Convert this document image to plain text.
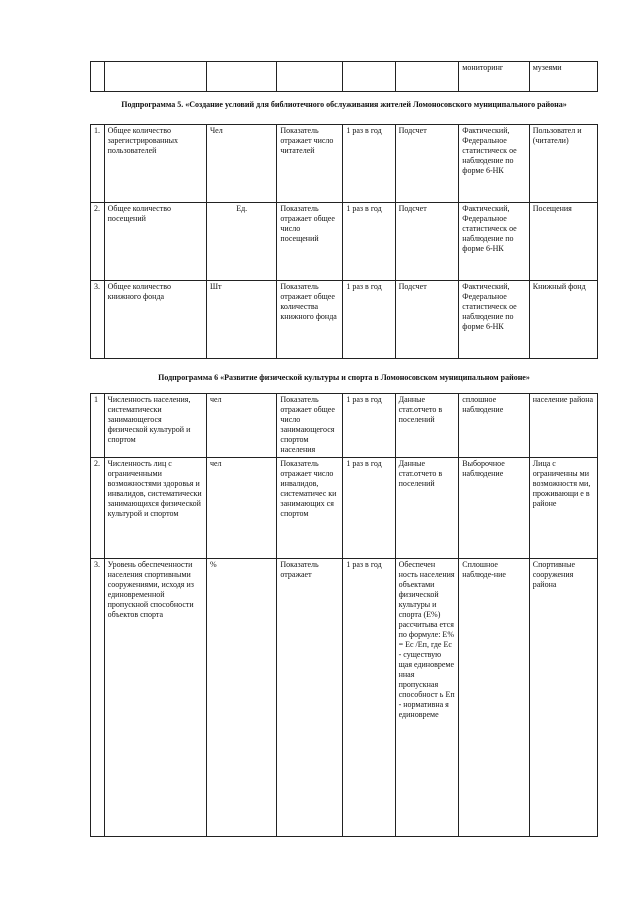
						мониторинг	музеями
Подпрограмма 5. «Создание условий для библиотечного обслуживания жителей Ломоносовского муниципального района»
1.	Общее количество зарегистрированных пользователей	Чел	Показатель отражает число читателей	1 раз в год	Подсчет	Фактический, Федеральное статистическ ое наблюдение по форме 6-НК	Пользовател и (читатели)
2.	Общее количество посещений	Ед.	Показатель отражает общее число посещений	1 раз в год	Подсчет	Фактический, Федеральное статистическ ое наблюдение по форме 6-НК	Посещения
3.	Общее количество книжного фонда	Шт	Показатель отражает общее количества книжного фонда	1 раз в год	Подсчет	Фактический, Федеральное статистическ ое наблюдение по форме 6-НК	Книжный фонд
Подпрограмма 6 «Развитие физической культуры и спорта в Ломоносовском муниципальном районе»
1	Численность населения, систематически занимающегося физической культурой и спортом	чел	Показатель отражает общее число занимающегося спортом населения	1 раз в год	Данные стат.отчето в поселений	сплошное наблюдение	население района
2.	Численность лиц с ограниченными возможностями здоровья и инвалидов, систематически занимающихся физической культурой и спортом	чел	Показатель отражает число инвалидов, систематичес ки занимающих ся спортом	1 раз в год	Данные стат.отчето в поселений	Выборочное наблюдение	Лица с ограниченны ми возможностя ми, проживающи е в районе
3.	Уровень обеспеченности населения спортивными сооружениями, исходя из единовременной пропускной способности объектов спорта	%	Показатель отражает	1 раз в год	Обеспечен ность населения объектами физической культуры и спорта (Е%) рассчитыва ется по формуле: Е% = Ес /Еп, где Ес - существую щая единовреме нная пропускная способност ь Еп - нормативна я единовреме	Сплошное наблюде-ние	Спортивные сооружения района
